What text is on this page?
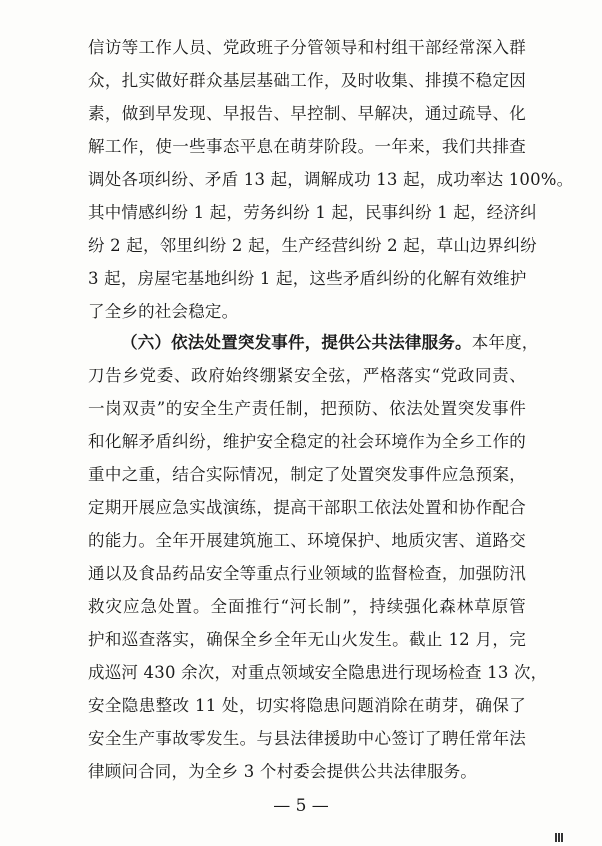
信访等工作人员、党政班子分管领导和村组干部经常深入群
众，扎实做好群众基层基础工作，及时收集、排摸不稳定因
素，做到早发现、早报告、早控制、早解决，通过疏导、化
解工作，使一些事态平息在萌芽阶段。一年来，我们共排查
调处各项纠纷、矛盾 13 起，调解成功 13 起，成功率达 100%。
其中情感纠纷 1 起，劳务纠纷 1 起，民事纠纷 1 起，经济纠
纷 2 起，邻里纠纷 2 起，生产经营纠纷 2 起，草山边界纠纷
3 起，房屋宅基地纠纷 1 起，这些矛盾纠纷的化解有效维护
了全乡的社会稳定。
（六）依法处置突发事件，提供公共法律服务。本年度，
刀告乡党委、政府始终绷紧安全弦，严格落实“党政同责、
一岗双责”的安全生产责任制，把预防、依法处置突发事件
和化解矛盾纠纷，维护安全稳定的社会环境作为全乡工作的
重中之重，结合实际情况，制定了处置突发事件应急预案，
定期开展应急实战演练，提高干部职工依法处置和协作配合
的能力。全年开展建筑施工、环境保护、地质灾害、道路交
通以及食品药品安全等重点行业领域的监督检查，加强防汛
救灾应急处置。全面推行“河长制”，持续强化森林草原管
护和巡查落实，确保全乡全年无山火发生。截止 12 月，完
成巡河 430 余次，对重点领域安全隐患进行现场检查 13 次，
安全隐患整改 11 处，切实将隐患问题消除在萌芽，确保了
安全生产事故零发生。与县法律援助中心签订了聘任常年法
律顾问合同，为全乡 3 个村委会提供公共法律服务。
— 5 —
